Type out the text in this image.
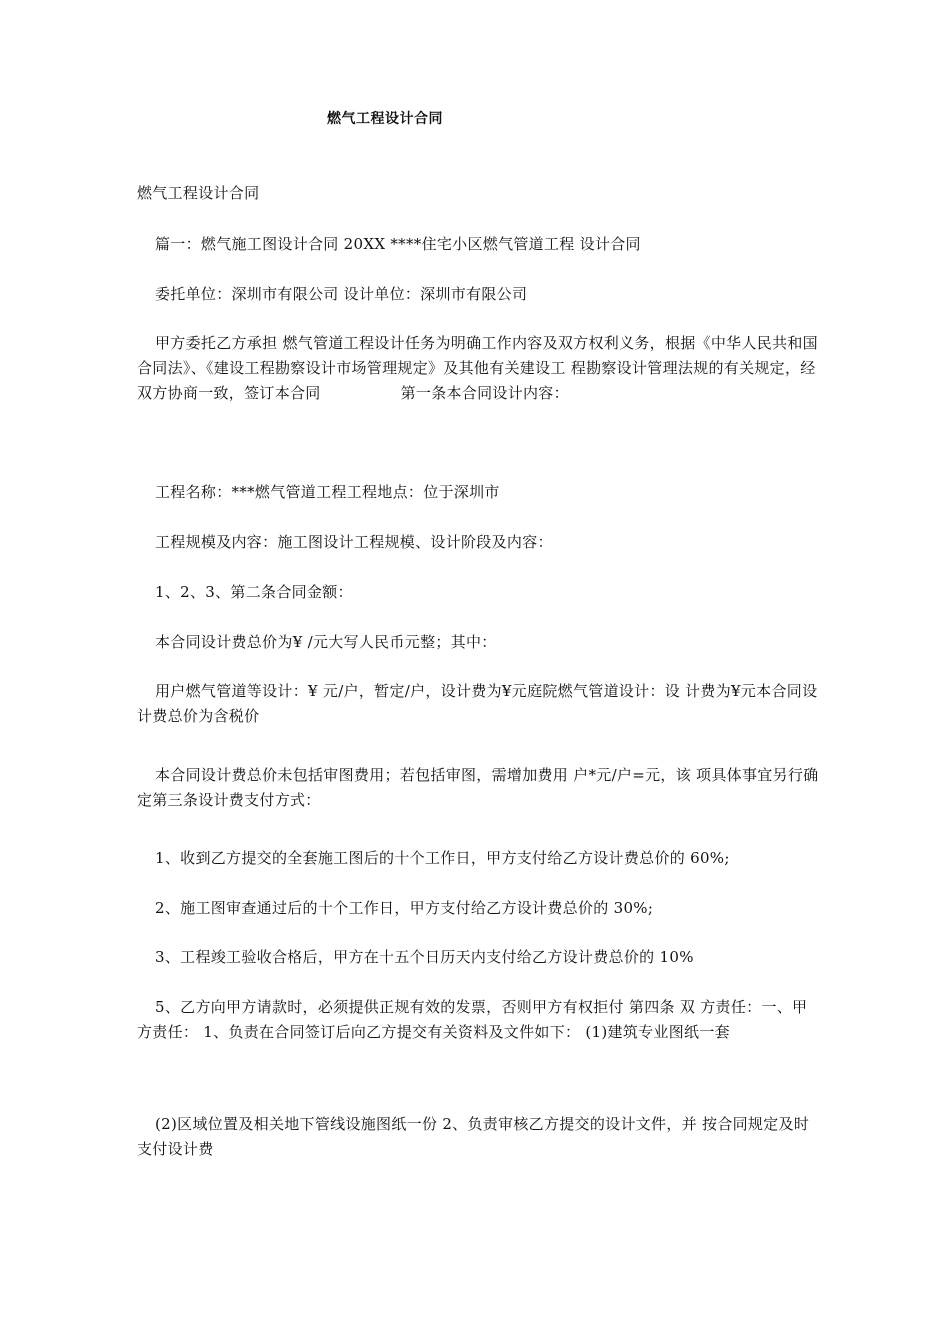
燃气工程设计合同
燃气工程设计合同
篇一：燃气施工图设计合同 20XX ****住宅小区燃气管道工程 设计合同
委托单位：深圳市有限公司 设计单位：深圳市有限公司
甲方委托乙方承担 燃气管道工程设计任务为明确工作内容及双方权利义务，根据《中华人民共和国合同法》、《建设工程勘察设计市场管理规定》及其他有关建设工 程勘察设计管理法规的有关规定，经双方协商一致，签订本合同	第一条本合同设计内容：
工程名称：***燃气管道工程工程地点：位于深圳市
工程规模及内容：施工图设计工程规模、设计阶段及内容：
1、2、3、第二条合同金额：
本合同设计费总价为¥ /元大写人民币元整；其中：
用户燃气管道等设计：¥ 元/户，暂定/户，设计费为¥元庭院燃气管道设计：设 计费为¥元本合同设计费总价为含税价
本合同设计费总价未包括审图费用；若包括审图，需增加费用 户*元/户=元，该 项具体事宜另行确定第三条设计费支付方式：
1、收到乙方提交的全套施工图后的十个工作日，甲方支付给乙方设计费总价的 60%;
2、施工图审查通过后的十个工作日，甲方支付给乙方设计费总价的 30%;
3、工程竣工验收合格后，甲方在十五个日历天内支付给乙方设计费总价的 10%
5、乙方向甲方请款时，必须提供正规有效的发票，否则甲方有权拒付 第四条 双 方责任：一、甲方责任： 1、负责在合同签订后向乙方提交有关资料及文件如下： (1)建筑专业图纸一套
(2)区域位置及相关地下管线设施图纸一份 2、负责审核乙方提交的设计文件，并 按合同规定及时支付设计费
